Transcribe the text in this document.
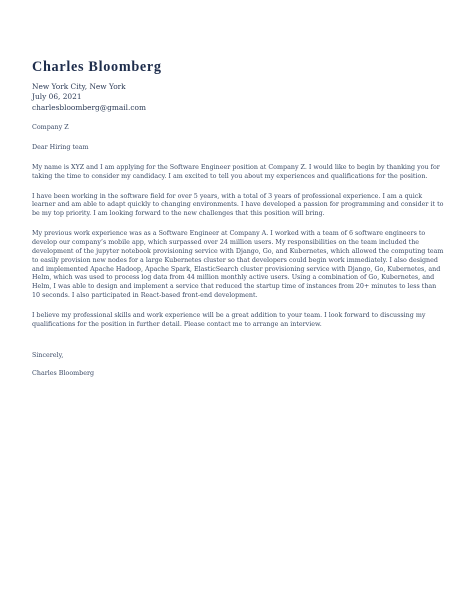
Charles Bloomberg
New York City, New York
July 06, 2021
charlesbloomberg@gmail.com
Company Z
Dear Hiring team
My name is XYZ and I am applying for the Software Engineer position at Company Z. I would like to begin by thanking you for taking the time to consider my candidacy. I am excited to tell you about my experiences and qualifications for the position.
I have been working in the software field for over 5 years, with a total of 3 years of professional experience. I am a quick learner and am able to adapt quickly to changing environments. I have developed a passion for programming and consider it to be my top priority. I am looking forward to the new challenges that this position will bring.
My previous work experience was as a Software Engineer at Company A. I worked with a team of 6 software engineers to develop our company’s mobile app, which surpassed over 24 million users. My responsibilities on the team included the development of the jupyter notebook provisioning service with Django, Go, and Kubernetes, which allowed the computing team to easily provision new nodes for a large Kubernetes cluster so that developers could begin work immediately. I also designed and implemented Apache Hadoop, Apache Spark, ElasticSearch cluster provisioning service with Django, Go, Kubernetes, and Helm, which was used to process log data from 44 million monthly active users. Using a combination of Go, Kubernetes, and Helm, I was able to design and implement a service that reduced the startup time of instances from 20+ minutes to less than 10 seconds. I also participated in React-based front-end development.
I believe my professional skills and work experience will be a great addition to your team. I look forward to discussing my qualifications for the position in further detail. Please contact me to arrange an interview.
Sincerely,
Charles Bloomberg
